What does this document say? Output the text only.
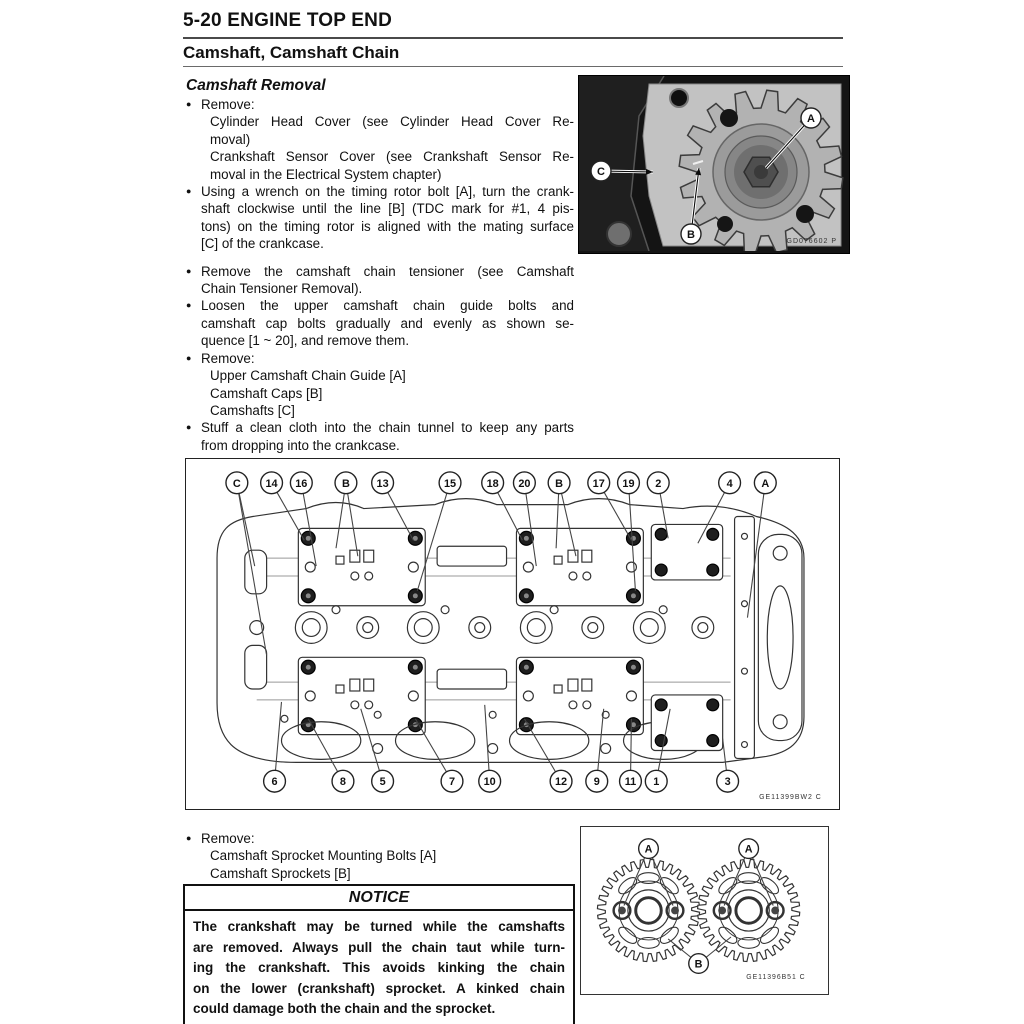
5-20 ENGINE TOP END
Camshaft, Camshaft Chain
Camshaft Removal
● Remove:
Cylinder Head Cover (see Cylinder Head Cover Re-
moval)
Crankshaft Sensor Cover (see Crankshaft Sensor Re-
moval in the Electrical System chapter)
● Using a wrench on the timing rotor bolt [A], turn the crank-
shaft clockwise until the line [B] (TDC mark for #1, 4 pis-
tons) on the timing rotor is aligned with the mating surface
[C] of the crankcase.
● Remove the camshaft chain tensioner (see Camshaft
Chain Tensioner Removal).
● Loosen the upper camshaft chain guide bolts and
camshaft cap bolts gradually and evenly as shown se-
quence [1 ~ 20], and remove them.
● Remove:
Upper Camshaft Chain Guide [A]
Camshaft Caps [B]
Camshafts [C]
● Stuff a clean cloth into the chain tunnel to keep any parts
from dropping into the crankcase.
A
B
C
GD076602 P
C 14 16	B 13	15	18 20 B	17 19 2	4	A
6	8	5	7	10	12 9 11 1	3
GE11399BW2 C
● Remove:
Camshaft Sprocket Mounting Bolts [A]
Camshaft Sprockets [B]
NOTICE
The crankshaft may be turned while the camshafts
are removed. Always pull the chain taut while turn-
ing the crankshaft. This avoids kinking the chain
on the lower (crankshaft) sprocket. A kinked chain
could damage both the chain and the sprocket.
A	A
B
GE11396B51 C
